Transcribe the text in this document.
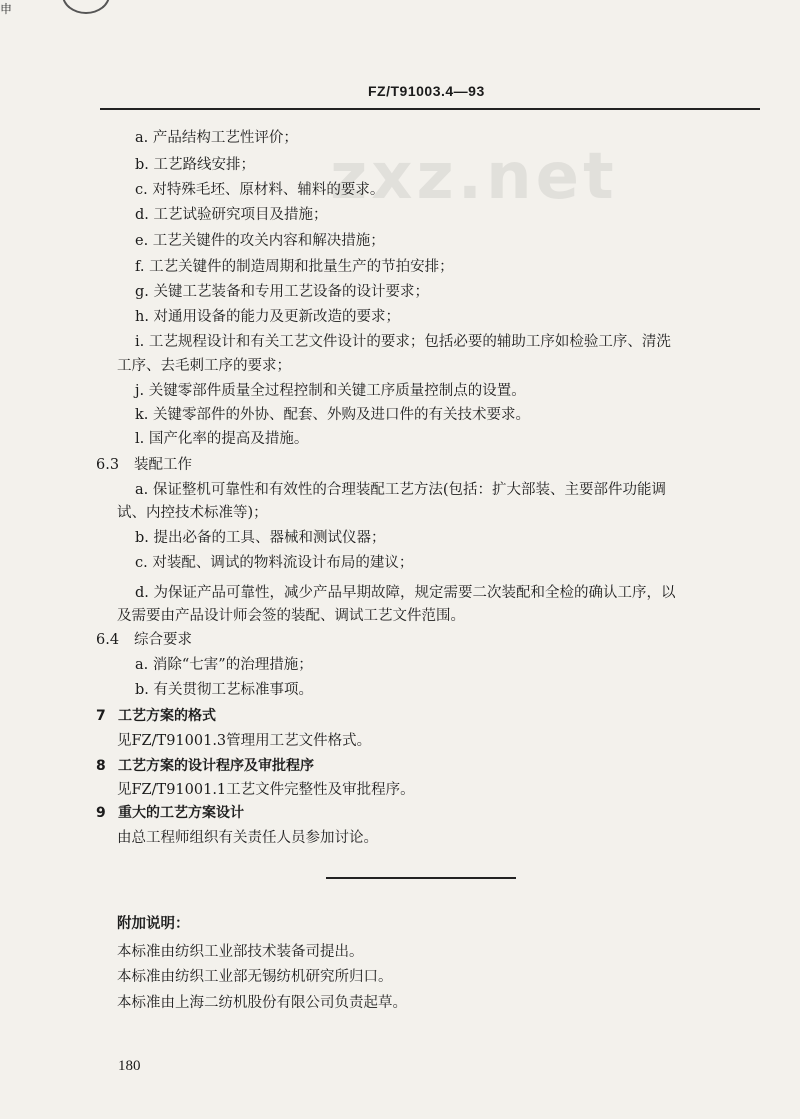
申
FZ/T91003.4—93
zxz.net
a. 产品结构工艺性评价；
b. 工艺路线安排；
c. 对特殊毛坯、原材料、辅料的要求。
d. 工艺试验研究项目及措施；
e. 工艺关键件的攻关内容和解决措施；
f. 工艺关键件的制造周期和批量生产的节拍安排；
g. 关键工艺装备和专用工艺设备的设计要求；
h. 对通用设备的能力及更新改造的要求；
i. 工艺规程设计和有关工艺文件设计的要求；包括必要的辅助工序如检验工序、清洗
工序、去毛刺工序的要求；
j. 关键零部件质量全过程控制和关键工序质量控制点的设置。
k. 关键零部件的外协、配套、外购及进口件的有关技术要求。
l. 国产化率的提高及措施。
6.3 装配工作
a. 保证整机可靠性和有效性的合理装配工艺方法(包括：扩大部装、主要部件功能调
试、内控技术标准等)；
b. 提出必备的工具、器械和测试仪器；
c. 对装配、调试的物料流设计布局的建议；
d. 为保证产品可靠性，减少产品早期故障，规定需要二次装配和全检的确认工序，以
及需要由产品设计师会签的装配、调试工艺文件范围。
6.4 综合要求
a. 消除“七害”的治理措施；
b. 有关贯彻工艺标准事项。
7 工艺方案的格式
见FZ/T91001.3管理用工艺文件格式。
8 工艺方案的设计程序及审批程序
见FZ/T91001.1工艺文件完整性及审批程序。
9 重大的工艺方案设计
由总工程师组织有关责任人员参加讨论。
附加说明：
本标准由纺织工业部技术装备司提出。
本标准由纺织工业部无锡纺机研究所归口。
本标准由上海二纺机股份有限公司负责起草。
180
